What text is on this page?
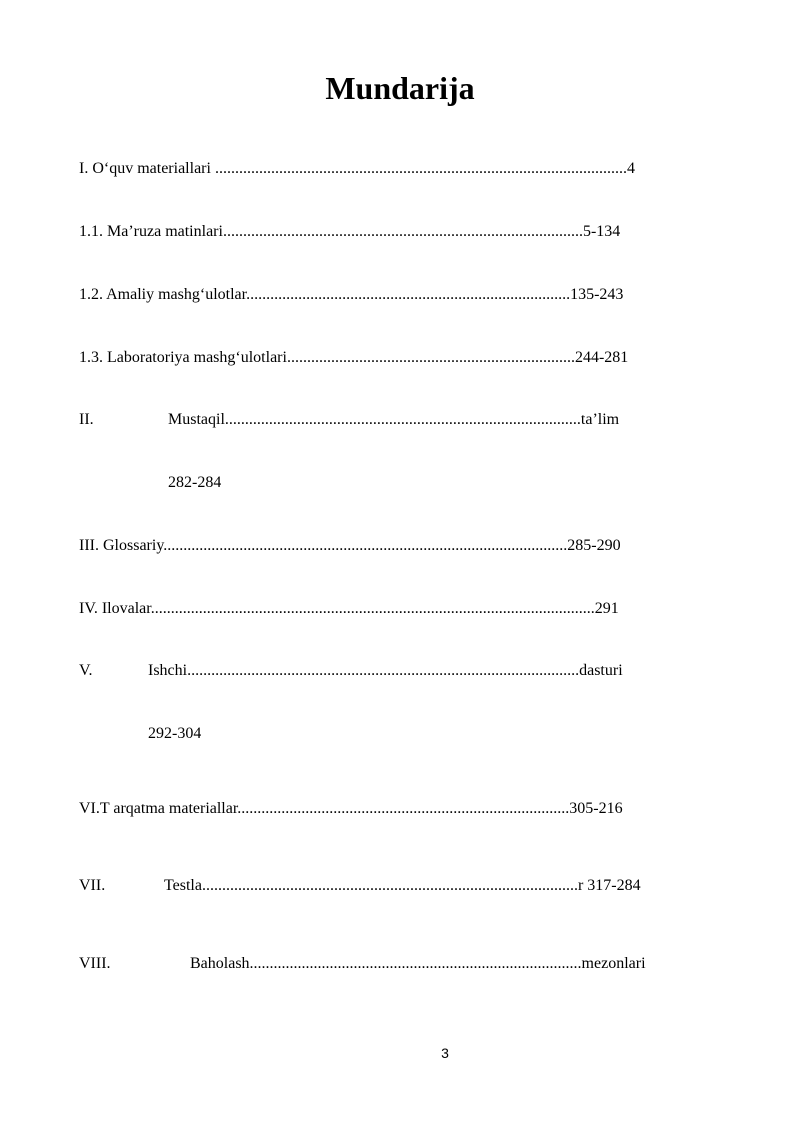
Mundarija
I. O‘quv materiallari .......................................................................................................4
1.1. Ma’ruza matinlari..........................................................................................5-134
1.2. Amaliy mashg‘ulotlar.................................................................................135-243
1.3. Laboratoriya mashg‘ulotlari........................................................................244-281
II.	Mustaqil.........................................................................................ta’lim
282-284
III. Glossariy.....................................................................................................285-290
IV. Ilovalar...............................................................................................................291
V.	Ishchi..................................................................................................dasturi
292-304
VI.T arqatma materiallar...................................................................................305-216
VII.	Testla..............................................................................................r 317-284
VIII.	Baholash...................................................................................mezonlari
3
